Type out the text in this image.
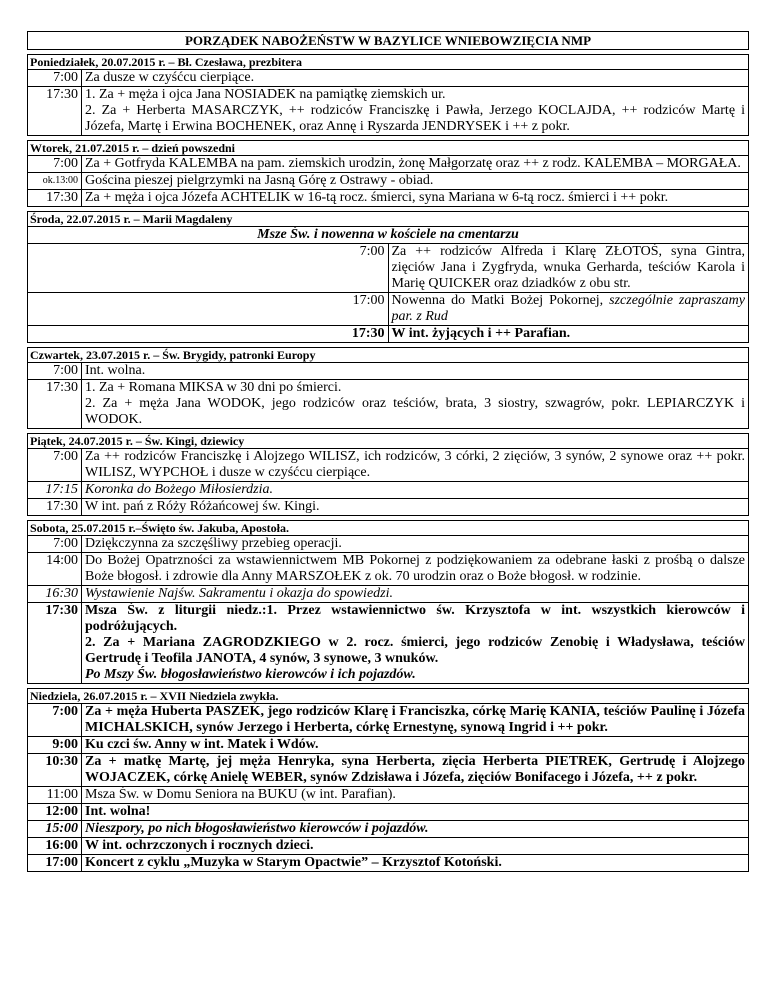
PORZĄDEK NABOŻEŃSTW W BAZYLICE WNIEBOWZIĘCIA NMP
Poniedziałek, 20.07.2015 r. – Bł. Czesława, prezbitera
7:00	Za dusze w czyśćcu cierpiące.

17:30	1. Za + męża i ojca Jana NOSIADEK na pamiątkę ziemskich ur.
2. Za + Herberta MASARCZYK, ++ rodziców Franciszkę i Pawła, Jerzego KOCLAJDA, ++ rodziców Martę i Józefa, Martę i Erwina BOCHENEK, oraz Annę i Ryszarda JENDRYSEK i ++ z pokr.
Wtorek, 21.07.2015 r. – dzień powszedni
7:00	Za + Gotfryda KALEMBA na pam. ziemskich urodzin, żonę Małgorzatę oraz ++ z rodz. KALEMBA – MORGAŁA.

ok.13:00	Gościna pieszej pielgrzymki na Jasną Górę z Ostrawy - obiad.

17:30	Za + męża i ojca Józefa ACHTELIK w 16-tą rocz. śmierci, syna Mariana w 6-tą rocz. śmierci i ++ pokr.
Środa, 22.07.2015 r. – Marii Magdaleny
Msze Św. i nowenna w kościele na cmentarzu	
7:00	Za ++ rodziców Alfreda i Klarę ZŁOTOŚ, syna Gintra, zięciów Jana i Zygfryda, wnuka Gerharda, teściów Karola i Marię QUICKER oraz dziadków z obu str.

17:00	Nowenna do Matki Bożej Pokornej, szczególnie zapraszamy par. z Rud

17:30	W int. żyjących i ++ Parafian.
Czwartek, 23.07.2015 r. – Św. Brygidy, patronki Europy
7:00	Int. wolna.

17:30	1. Za + Romana MIKSA w 30 dni po śmierci.
2. Za + męża Jana WODOK, jego rodziców oraz teściów, brata, 3 siostry, szwagrów, pokr. LEPIARCZYK i WODOK.
Piątek, 24.07.2015 r. – Św. Kingi, dziewicy
7:00	Za ++ rodziców Franciszkę i Alojzego WILISZ, ich rodziców, 3 córki, 2 zięciów, 3 synów, 2 synowe oraz ++ pokr. WILISZ, WYPCHOŁ i dusze w czyśćcu cierpiące.

17:15	Koronka do Bożego Miłosierdzia.

17:30	W int. pań z Róży Różańcowej św. Kingi.
Sobota, 25.07.2015 r.–Święto św. Jakuba, Apostoła.
7:00	Dziękczynna za szczęśliwy przebieg operacji.

14:00	Do Bożej Opatrzności za wstawiennictwem MB Pokornej z podziękowaniem za odebrane łaski z prośbą o dalsze Boże błogosł. i zdrowie dla Anny MARSZOŁEK z ok. 70 urodzin oraz o Boże błogosł. w rodzinie.

16:30	Wystawienie Najśw. Sakramentu i okazja do spowiedzi.

17:30	Msza Św. z liturgii niedz.:1. Przez wstawiennictwo św. Krzysztofa w int. wszystkich kierowców i podróżujących.
2. Za + Mariana ZAGRODZKIEGO w 2. rocz. śmierci, jego rodziców Zenobię i Władysława, teściów Gertrudę i Teofila JANOTA, 4 synów, 3 synowe, 3 wnuków.
Po Mszy Św. błogosławieństwo kierowców i ich pojazdów.
Niedziela, 26.07.2015 r. – XVII Niedziela zwykła.
7:00	Za + męża Huberta PASZEK, jego rodziców Klarę i Franciszka, córkę Marię KANIA, teściów Paulinę i Józefa MICHALSKICH, synów Jerzego i Herberta, córkę Ernestynę, synową Ingrid i ++ pokr.

9:00	Ku czci św. Anny w int. Matek i Wdów.

10:30	Za + matkę Martę, jej męża Henryka, syna Herberta, zięcia Herberta PIETREK, Gertrudę i Alojzego WOJACZEK, córkę Anielę WEBER, synów Zdzisława i Józefa, zięciów Bonifacego i Józefa, ++ z pokr.

11:00	Msza Św. w Domu Seniora na BUKU (w int. Parafian).

12:00	Int. wolna!

15:00	Nieszpory, po nich błogosławieństwo kierowców i pojazdów.

16:00	W int. ochrzczonych i rocznych dzieci.

17:00	Koncert z cyklu „Muzyka w Starym Opactwie” – Krzysztof Kotoński.
